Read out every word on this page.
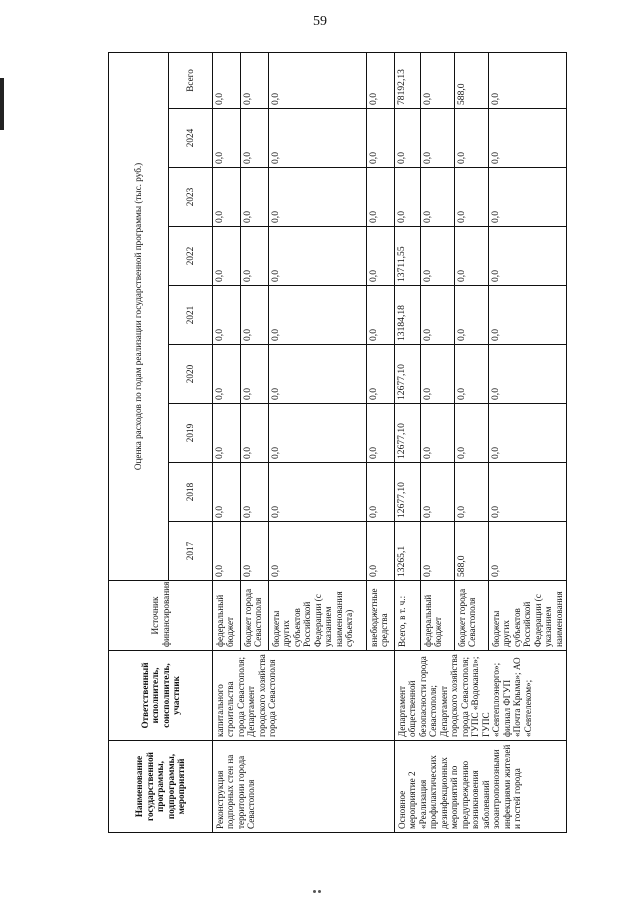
59
Наименование государственной программы, подпрограммы, мероприятий	Ответственный исполнитель, соисполнитель, участник	Источник финансирования	Оценка расходов по годам реализации государственной программы (тыс. руб.)								
			2017	2018	2019	2020	2021	2022	2023	2024	Всего
Реконструкция подпорных стен на территории города Севастополя	капитального строительства города Севастополя; Департамент городского хозяйства города Севастополя	федеральный бюджет	0,0	0,0	0,0	0,0	0,0	0,0	0,0	0,0	0,0
		бюджет города Севастополя	0,0	0,0	0,0	0,0	0,0	0,0	0,0	0,0	0,0
		бюджеты других субъектов Российской Федерации (с указанием наименования субъекта)	0,0	0,0	0,0	0,0	0,0	0,0	0,0	0,0	0,0
		внебюджетные средства	0,0	0,0	0,0	0,0	0,0	0,0	0,0	0,0	0,0
Основное мероприятие 2 «Реализация профилактических дезинфекционных мероприятий по предупреждению возникновения заболеваний зооантропонозными инфекциями жителей и гостей города	Департамент общественной безопасности города Севастополя; Департамент городского хозяйства города Севастополя; ГУПС «Водоканал»; ГУПС «Севтеплоэнерго»; филиал ФГУП «Почта Крыма»; АО «Севтелеком»;	Всего, в т. ч.:	13265,1	12677,10	12677,10	12677,10	13184,18	13711,55	0,0	0,0	78192,13
		федеральный бюджет	0,0	0,0	0,0	0,0	0,0	0,0	0,0	0,0	0,0
		бюджет города Севастополя	588,0	0,0	0,0	0,0	0,0	0,0	0,0	0,0	588,0
		бюджеты других субъектов Российской Федерации (с указанием наименования	0,0	0,0	0,0	0,0	0,0	0,0	0,0	0,0	0,0
